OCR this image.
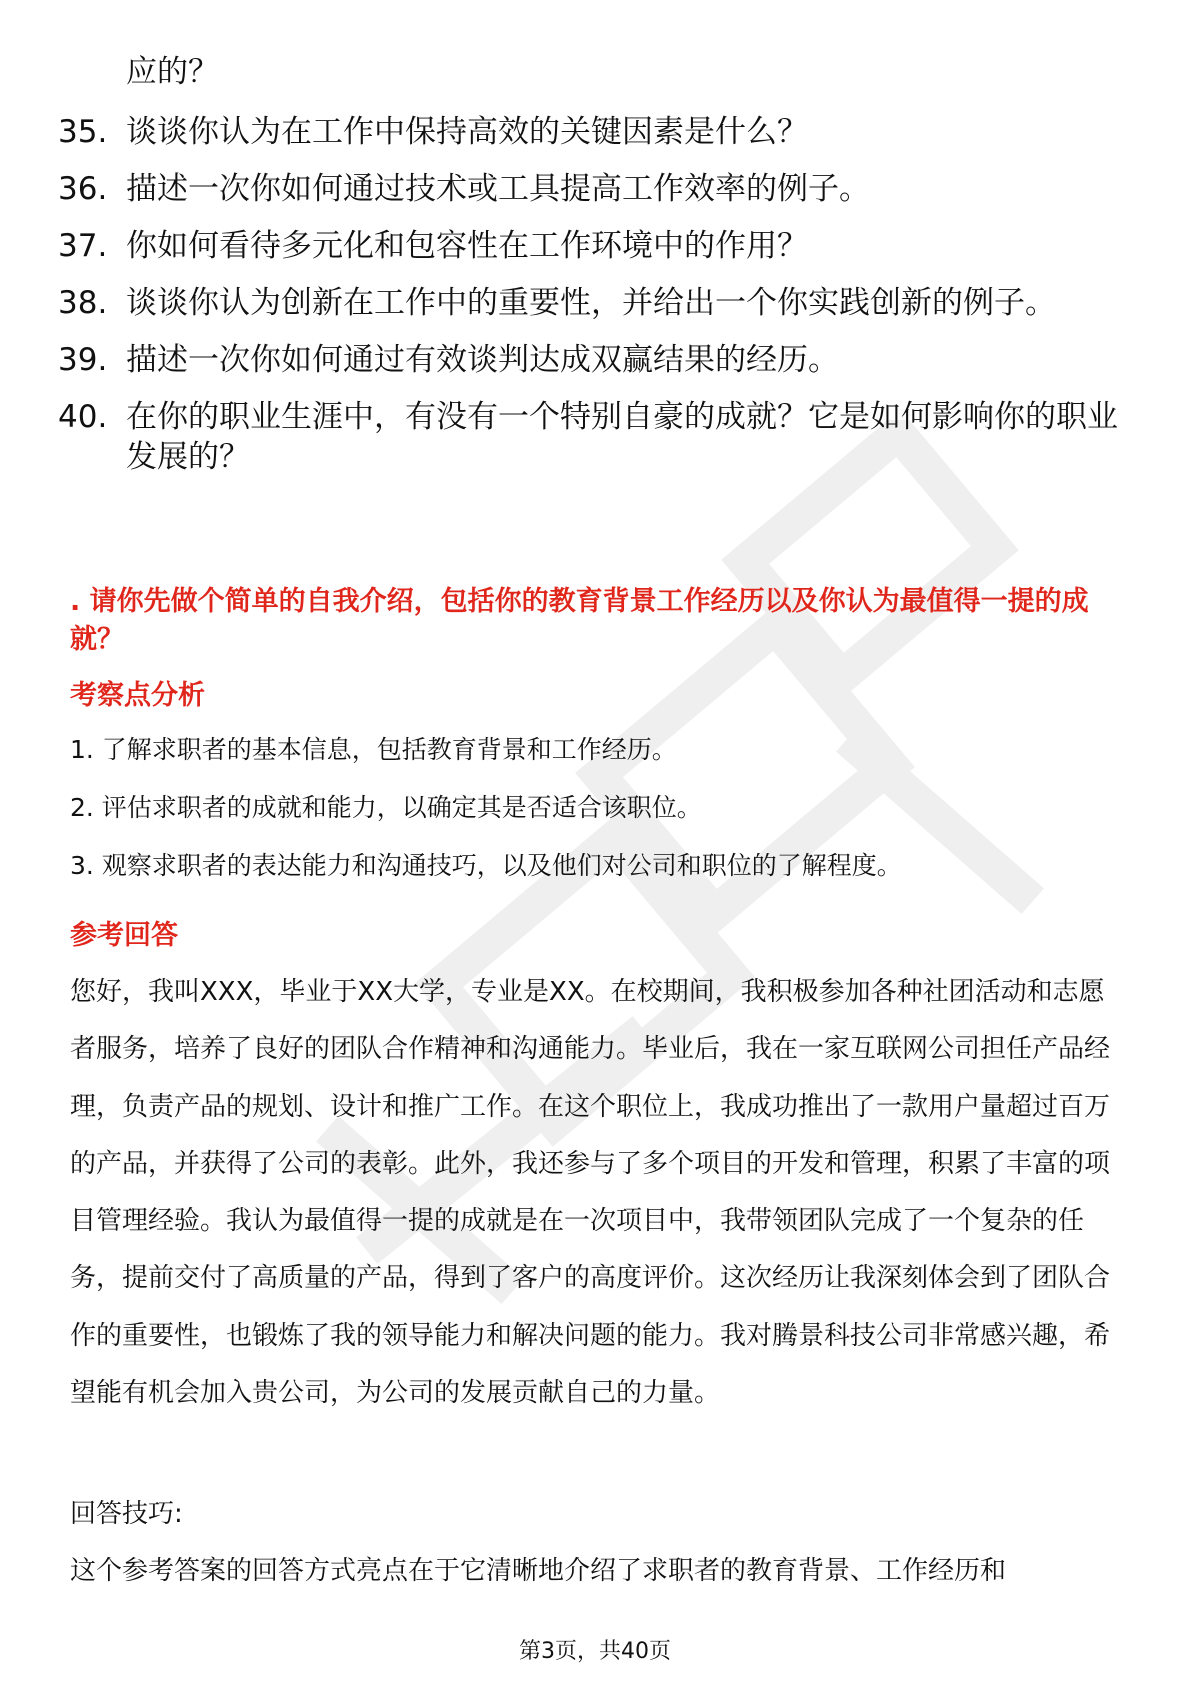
应的？

35. 谈谈你认为在工作中保持高效的关键因素是什么？
36. 描述一次你如何通过技术或工具提高工作效率的例子。
37. 你如何看待多元化和包容性在工作环境中的作用？
38. 谈谈你认为创新在工作中的重要性，并给出一个你实践创新的例子。
39. 描述一次你如何通过有效谈判达成双赢结果的经历。
40. 在你的职业生涯中，有没有一个特别自豪的成就？它是如何影响你的职业发展的？
. 请你先做个简单的自我介绍，包括你的教育背景工作经历以及你认为最值得一提的成就？
考察点分析
1. 了解求职者的基本信息，包括教育背景和工作经历。
2. 评估求职者的成就和能力，以确定其是否适合该职位。
3. 观察求职者的表达能力和沟通技巧，以及他们对公司和职位的了解程度。
参考回答

您好，我叫XXX，毕业于XX大学，专业是XX。在校期间，我积极参加各种社团活动和志愿者服务，培养了良好的团队合作精神和沟通能力。毕业后，我在一家互联网公司担任产品经理，负责产品的规划、设计和推广工作。在这个职位上，我成功推出了一款用户量超过百万的产品，并获得了公司的表彰。此外，我还参与了多个项目的开发和管理，积累了丰富的项目管理经验。我认为最值得一提的成就是在一次项目中，我带领团队完成了一个复杂的任务，提前交付了高质量的产品，得到了客户的高度评价。这次经历让我深刻体会到了团队合作的重要性，也锻炼了我的领导能力和解决问题的能力。我对腾景科技公司非常感兴趣，希望能有机会加入贵公司，为公司的发展贡献自己的力量。

回答技巧:

这个参考答案的回答方式亮点在于它清晰地介绍了求职者的教育背景、工作经历和

第3页，共40页
